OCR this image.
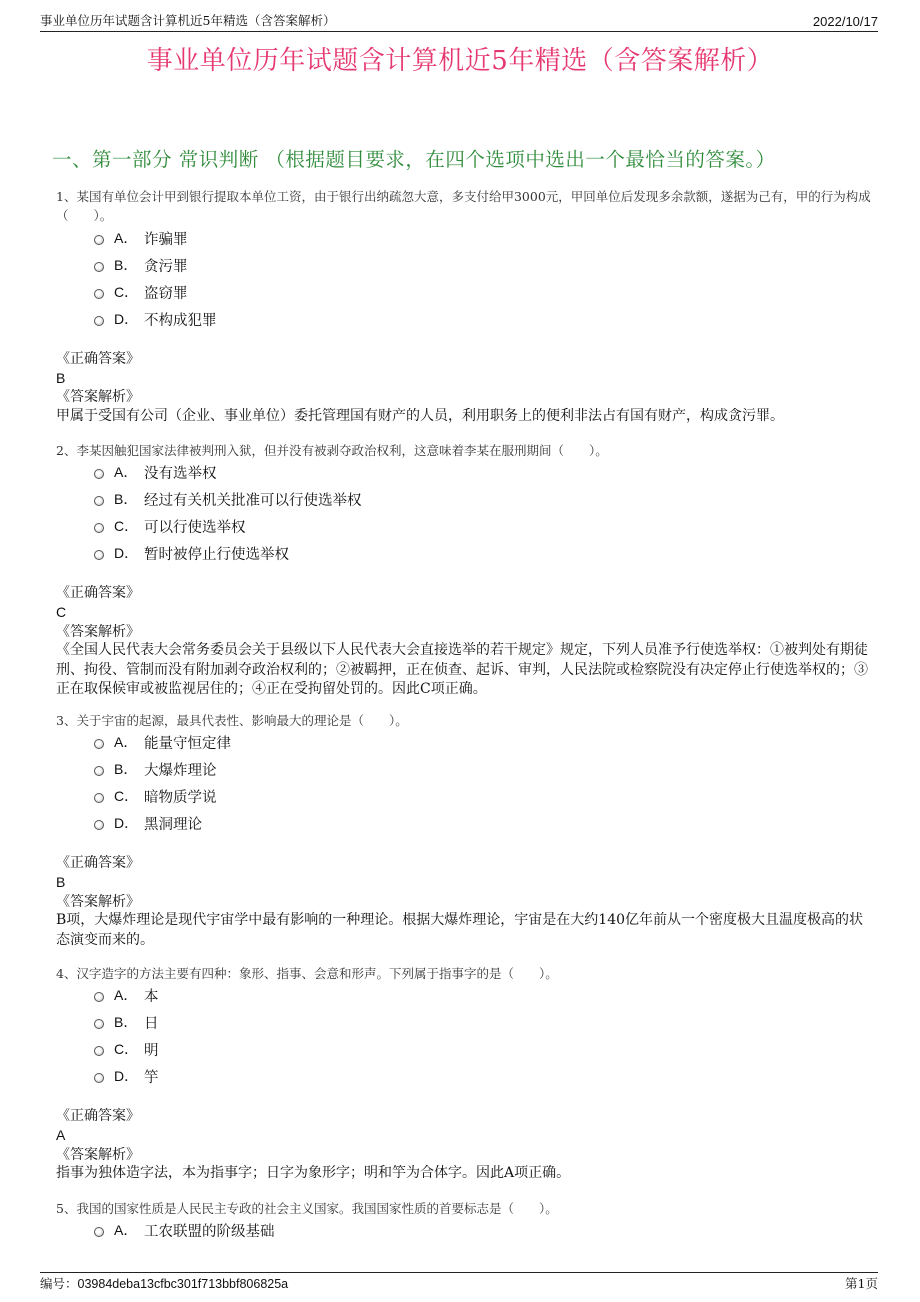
事业单位历年试题含计算机近5年精选（含答案解析）	2022/10/17
事业单位历年试题含计算机近5年精选（含答案解析）
一、第一部分 常识判断 （根据题目要求，在四个选项中选出一个最恰当的答案。）
1、某国有单位会计甲到银行提取本单位工资，由于银行出纳疏忽大意，多支付给甲3000元，甲回单位后发现多余款额，遂据为己有，甲的行为构成（　　）。
A． 诈骗罪
B． 贪污罪
C． 盗窃罪
D． 不构成犯罪
《正确答案》
B
《答案解析》
甲属于受国有公司（企业、事业单位）委托管理国有财产的人员，利用职务上的便利非法占有国有财产，构成贪污罪。
2、李某因触犯国家法律被判刑入狱，但并没有被剥夺政治权利，这意味着李某在服刑期间（　　）。
A． 没有选举权
B． 经过有关机关批准可以行使选举权
C． 可以行使选举权
D． 暂时被停止行使选举权
《正确答案》
C
《答案解析》
《全国人民代表大会常务委员会关于县级以下人民代表大会直接选举的若干规定》规定，下列人员准予行使选举权：①被判处有期徒刑、拘役、管制而没有附加剥夺政治权利的；②被羁押，正在侦查、起诉、审判，人民法院或检察院没有决定停止行使选举权的；③正在取保候审或被监视居住的；④正在受拘留处罚的。因此C项正确。
3、关于宇宙的起源，最具代表性、影响最大的理论是（　　）。
A． 能量守恒定律
B． 大爆炸理论
C． 暗物质学说
D． 黑洞理论
《正确答案》
B
《答案解析》
B项，大爆炸理论是现代宇宙学中最有影响的一种理论。根据大爆炸理论，宇宙是在大约140亿年前从一个密度极大且温度极高的状态演变而来的。
4、汉字造字的方法主要有四种：象形、指事、会意和形声。下列属于指事字的是（　　）。
A． 本
B． 日
C． 明
D． 竽
《正确答案》
A
《答案解析》
指事为独体造字法，本为指事字；日字为象形字；明和竽为合体字。因此A项正确。
5、我国的国家性质是人民民主专政的社会主义国家。我国国家性质的首要标志是（　　）。
A． 工农联盟的阶级基础
编号：03984deba13cfbc301f713bbf806825a	第1页
